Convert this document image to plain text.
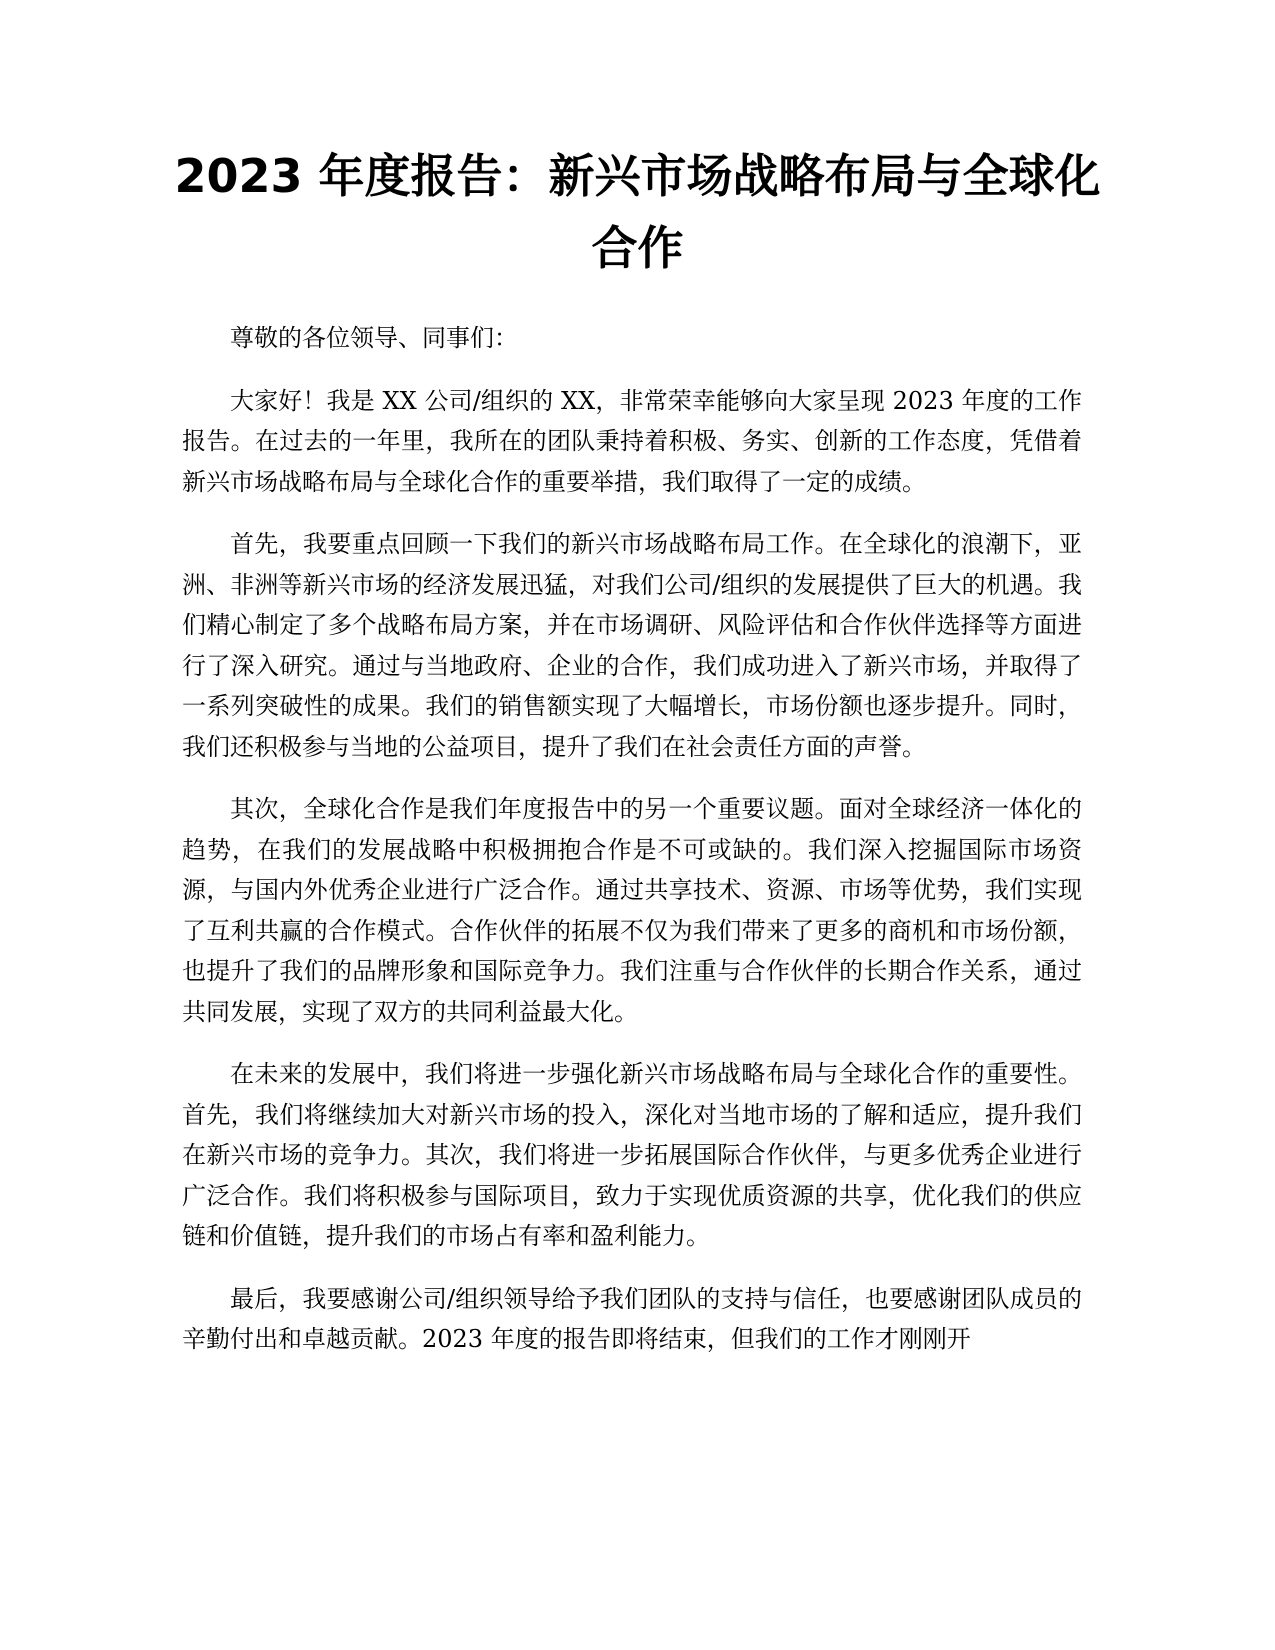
2023 年度报告：新兴市场战略布局与全球化合作

尊敬的各位领导、同事们：

大家好！我是 XX 公司/组织的 XX，非常荣幸能够向大家呈现 2023 年度的工作报告。在过去的一年里，我所在的团队秉持着积极、务实、创新的工作态度，凭借着新兴市场战略布局与全球化合作的重要举措，我们取得了一定的成绩。

首先，我要重点回顾一下我们的新兴市场战略布局工作。在全球化的浪潮下，亚洲、非洲等新兴市场的经济发展迅猛，对我们公司/组织的发展提供了巨大的机遇。我们精心制定了多个战略布局方案，并在市场调研、风险评估和合作伙伴选择等方面进行了深入研究。通过与当地政府、企业的合作，我们成功进入了新兴市场，并取得了一系列突破性的成果。我们的销售额实现了大幅增长，市场份额也逐步提升。同时，我们还积极参与当地的公益项目，提升了我们在社会责任方面的声誉。

其次，全球化合作是我们年度报告中的另一个重要议题。面对全球经济一体化的趋势，在我们的发展战略中积极拥抱合作是不可或缺的。我们深入挖掘国际市场资源，与国内外优秀企业进行广泛合作。通过共享技术、资源、市场等优势，我们实现了互利共赢的合作模式。合作伙伴的拓展不仅为我们带来了更多的商机和市场份额，也提升了我们的品牌形象和国际竞争力。我们注重与合作伙伴的长期合作关系，通过共同发展，实现了双方的共同利益最大化。

在未来的发展中，我们将进一步强化新兴市场战略布局与全球化合作的重要性。首先，我们将继续加大对新兴市场的投入，深化对当地市场的了解和适应，提升我们在新兴市场的竞争力。其次，我们将进一步拓展国际合作伙伴，与更多优秀企业进行广泛合作。我们将积极参与国际项目，致力于实现优质资源的共享，优化我们的供应链和价值链，提升我们的市场占有率和盈利能力。

最后，我要感谢公司/组织领导给予我们团队的支持与信任，也要感谢团队成员的辛勤付出和卓越贡献。2023 年度的报告即将结束，但我们的工作才刚刚开
